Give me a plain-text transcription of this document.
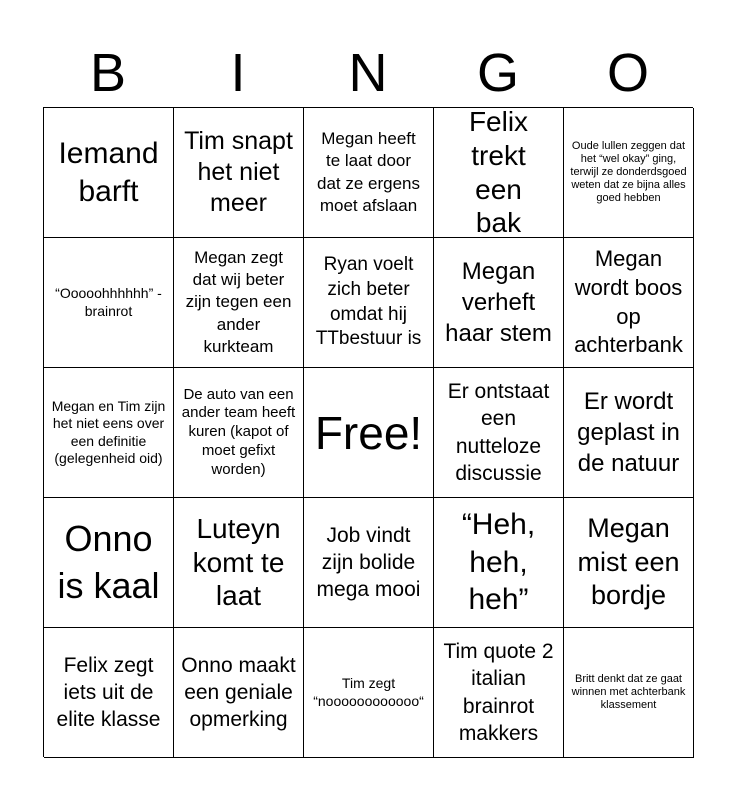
B	I	N	G	O
Iemand barft
Tim snapt het niet meer
Megan heeft te laat door dat ze ergens moet afslaan
Felix trekt een bak
Oude lullen zeggen dat het “wel okay” ging, terwijl ze donderdsgoed weten dat ze bijna alles goed hebben
“Ooooohhhhhh” - brainrot
Megan zegt dat wij beter zijn tegen een ander kurkteam
Ryan voelt zich beter omdat hij TTbestuur is
Megan verheft haar stem
Megan wordt boos op achterbank
Megan en Tim zijn het niet eens over een definitie (gelegenheid oid)
De auto van een ander team heeft kuren (kapot of moet gefixt worden)
Free!
Er ontstaat een nutteloze discussie
Er wordt geplast in de natuur
Onno is kaal
Luteyn komt te laat
Job vindt zijn bolide mega mooi
“Heh, heh, heh”
Megan mist een bordje
Felix zegt iets uit de elite klasse
Onno maakt een geniale opmerking
Tim zegt “noooooooooooo“
Tim quote 2 italian brainrot makkers
Britt denkt dat ze gaat winnen met achterbankklassement
